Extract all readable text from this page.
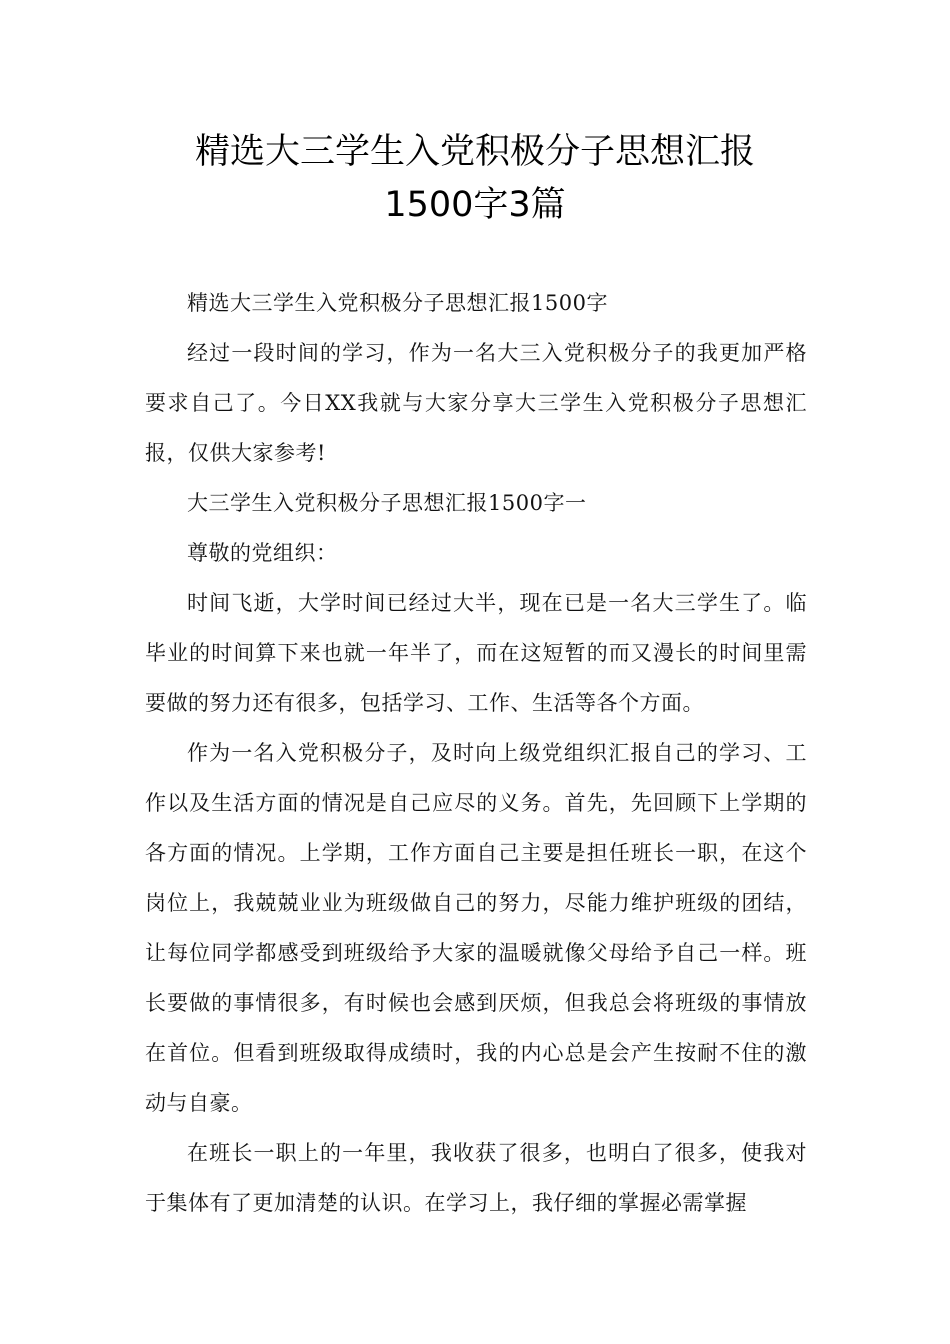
精选大三学生入党积极分子思想汇报
1500字3篇

精选大三学生入党积极分子思想汇报1500字

经过一段时间的学习，作为一名大三入党积极分子的我更加严格要求自己了。今日XX我就与大家分享大三学生入党积极分子思想汇报，仅供大家参考!

大三学生入党积极分子思想汇报1500字一

尊敬的党组织：

时间飞逝，大学时间已经过大半，现在已是一名大三学生了。临毕业的时间算下来也就一年半了，而在这短暂的而又漫长的时间里需要做的努力还有很多，包括学习、工作、生活等各个方面。

作为一名入党积极分子，及时向上级党组织汇报自己的学习、工作以及生活方面的情况是自己应尽的义务。首先，先回顾下上学期的各方面的情况。上学期，工作方面自己主要是担任班长一职，在这个岗位上，我兢兢业业为班级做自己的努力，尽能力维护班级的团结，让每位同学都感受到班级给予大家的温暖就像父母给予自己一样。班长要做的事情很多，有时候也会感到厌烦，但我总会将班级的事情放在首位。但看到班级取得成绩时，我的内心总是会产生按耐不住的激动与自豪。

在班长一职上的一年里，我收获了很多，也明白了很多，使我对于集体有了更加清楚的认识。在学习上，我仔细的掌握必需掌握
